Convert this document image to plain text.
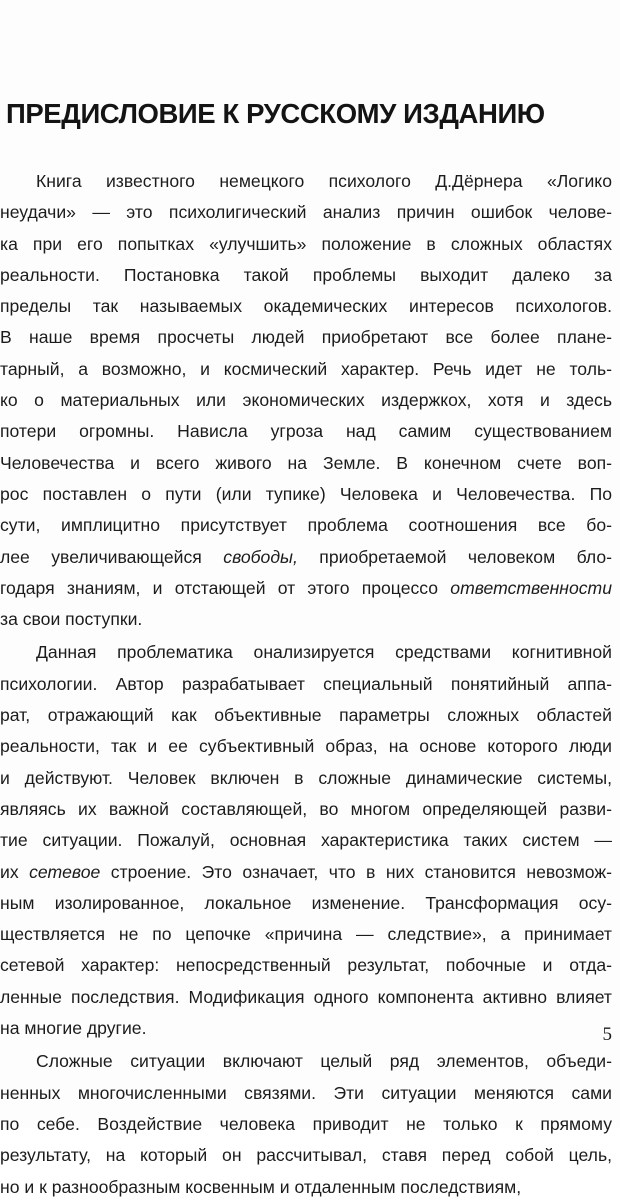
ПРЕДИСЛОВИЕ К РУССКОМУ ИЗДАНИЮ
Книга известного немецкого психолого Д.Дёрнера «Логико
неудачи» — это психолигический анализ причин ошибок челове-
ка при его попытках «улучшить» положение в сложных областях
реальности. Постановка такой проблемы выходит далеко за
пределы так называемых окадемических интересов психологов.
В наше время просчеты людей приобретают все более плане-
тарный, а возможно, и космический характер. Речь идет не толь-
ко о материальных или экономических издержкох, хотя и здесь
потери огромны. Нависла угроза над самим существованием
Человечества и всего живого на Земле. В конечном счете воп-
рос поставлен о пути (или тупике) Человека и Человечества. По
сути, имплицитно присутствует проблема соотношения все бо-
лее увеличивающейся свободы, приобретаемой человеком бло-
годаря знаниям, и отстающей от этого процессо ответственности
за свои поступки.
Данная проблематика онализируется средствами когнитивной
психологии. Автор разрабатывает специальный понятийный аппа-
рат, отражающий как объективные параметры сложных областей
реальности, так и ее субъективный образ, на основе которого люди
и действуют. Человек включен в сложные динамические системы,
являясь их важной составляющей, во многом определяющей разви-
тие ситуации. Пожалуй, основная характеристика таких систем —
их сетевое строение. Это означает, что в них становится невозмож-
ным изолированное, локальное изменение. Трансформация осу-
ществляется не по цепочке «причина — следствие», а принимает
сетевой характер: непосредственный результат, побочные и отда-
ленные последствия. Модификация одного компонента активно влияет
на многие другие.
Сложные ситуации включают целый ряд элементов, объеди-
ненных многочисленными связями. Эти ситуации меняются сами
по себе. Воздействие человека приводит не только к прямому
результату, на который он рассчитывал, ставя перед собой цель,
но и к разнообразным косвенным и отдаленным последствиям,
5
